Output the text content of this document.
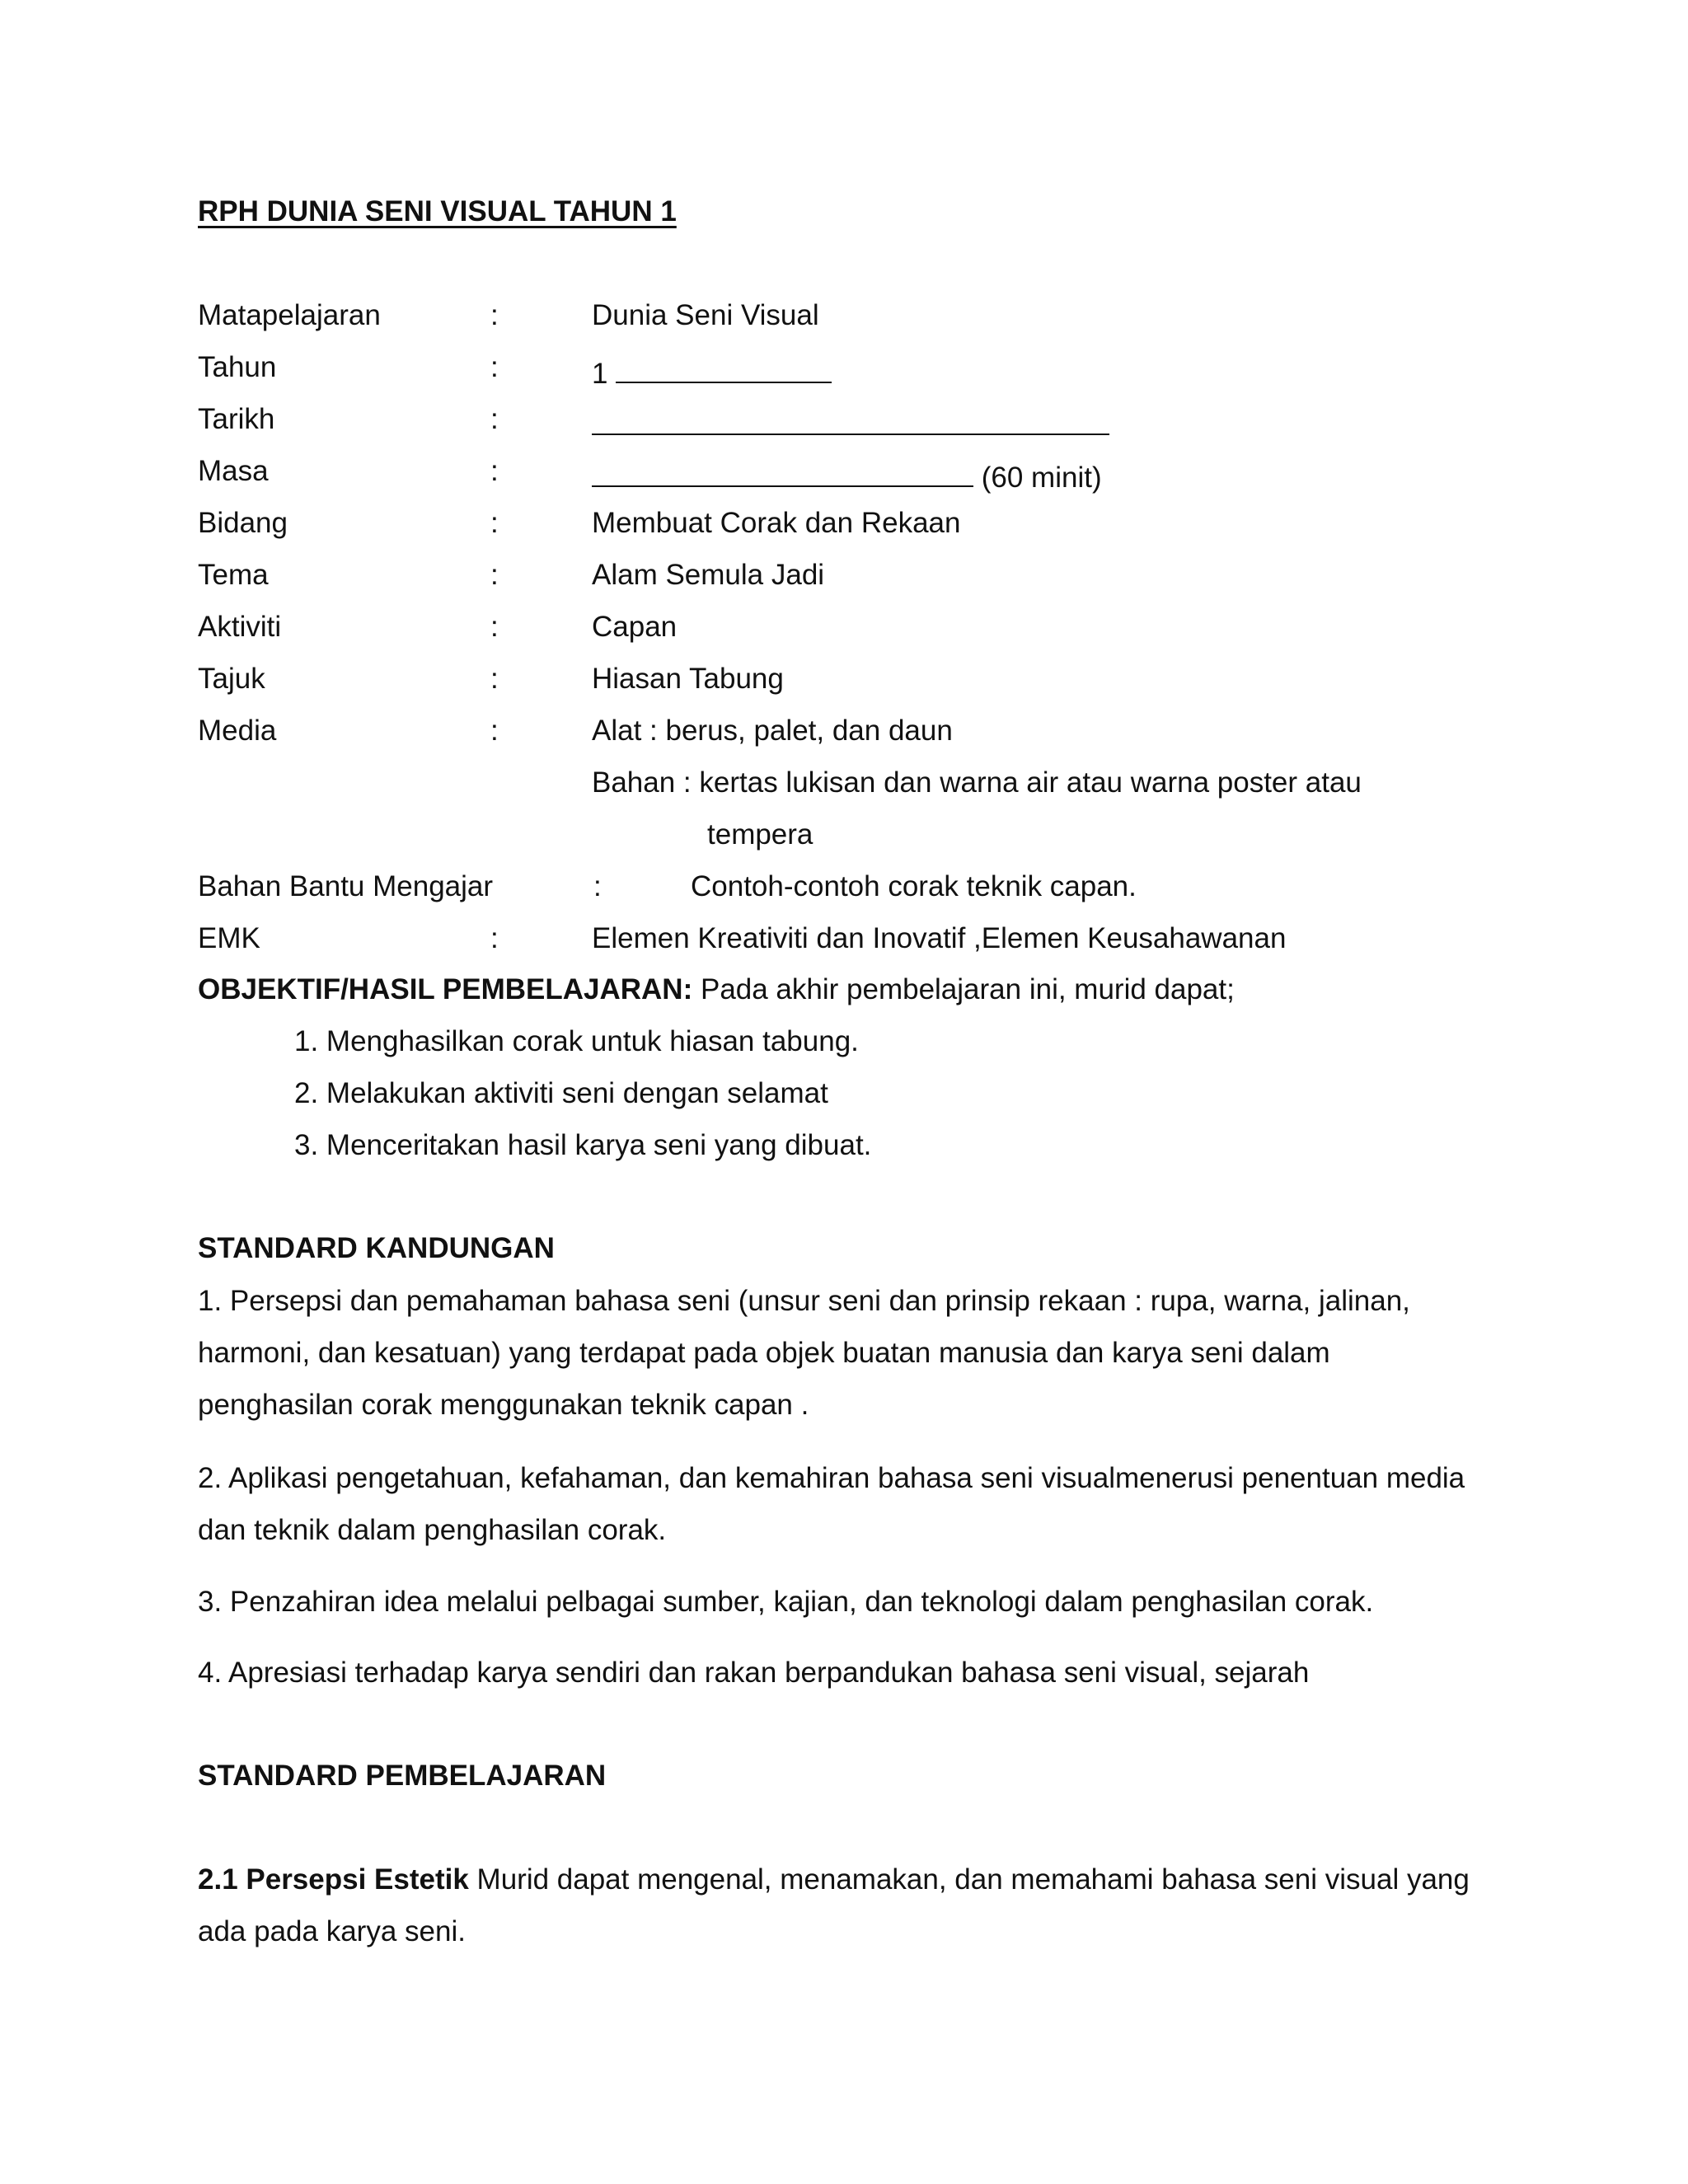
RPH DUNIA SENI VISUAL TAHUN 1
Matapelajaran	:	Dunia Seni Visual
Tahun	:	1
Tarikh	:
Masa	:	(60 minit)
Bidang	:	Membuat Corak dan Rekaan
Tema	:	Alam Semula Jadi
Aktiviti	:	Capan
Tajuk	:	Hiasan Tabung
Media	:	Alat : berus, palet, dan daun
Bahan : kertas lukisan dan warna air atau warna poster atau
tempera
Bahan Bantu Mengajar	:	Contoh-contoh corak teknik capan.
EMK	:	Elemen Kreativiti dan Inovatif ,Elemen Keusahawanan
OBJEKTIF/HASIL PEMBELAJARAN: Pada akhir pembelajaran ini, murid dapat;
1. Menghasilkan corak untuk hiasan tabung.
2. Melakukan aktiviti seni dengan selamat
3. Menceritakan hasil karya seni yang dibuat.
STANDARD KANDUNGAN
1. Persepsi dan pemahaman bahasa seni (unsur seni dan prinsip rekaan : rupa, warna, jalinan, harmoni, dan kesatuan) yang terdapat pada objek buatan manusia dan karya seni dalam penghasilan corak menggunakan teknik capan .
2. Aplikasi pengetahuan, kefahaman, dan kemahiran bahasa seni visualmenerusi penentuan media dan teknik dalam penghasilan corak.
3. Penzahiran idea melalui pelbagai sumber, kajian, dan teknologi dalam penghasilan corak.
4. Apresiasi terhadap karya sendiri dan rakan berpandukan bahasa seni visual, sejarah
STANDARD PEMBELAJARAN
2.1 Persepsi Estetik Murid dapat mengenal, menamakan, dan memahami bahasa seni visual yang ada pada karya seni.
